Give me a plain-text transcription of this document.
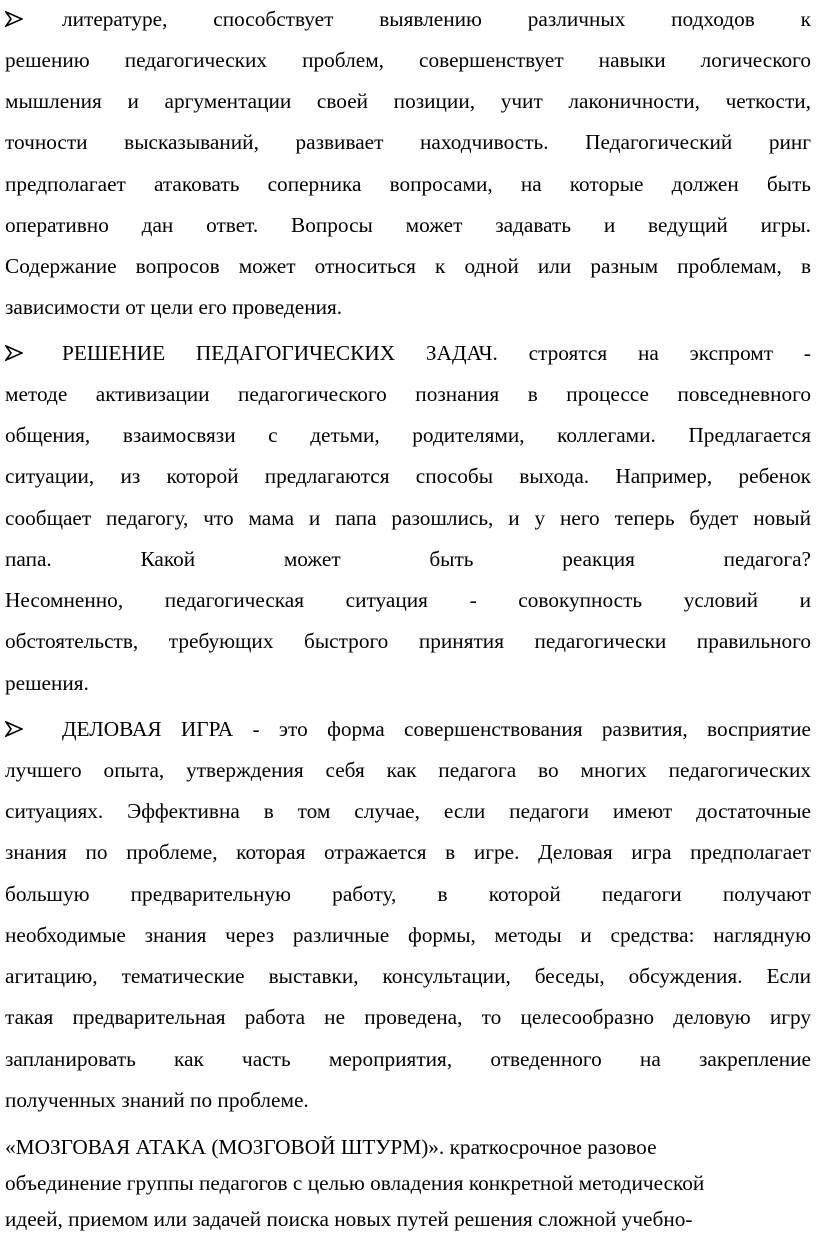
литературе, способствует выявлению различных подходов к
решению педагогических проблем, совершенствует навыки логического
мышления и аргументации своей позиции, учит лаконичности, четкости,
точности высказываний, развивает находчивость. Педагогический ринг
предполагает атаковать соперника вопросами, на которые должен быть
оперативно дан ответ. Вопросы может задавать и ведущий игры.
Содержание вопросов может относиться к одной или разным проблемам, в
зависимости от цели его проведения.
РЕШЕНИЕ ПЕДАГОГИЧЕСКИХ ЗАДАЧ. строятся на экспромт -
методе активизации педагогического познания в процессе повседневного
общения, взаимосвязи с детьми, родителями, коллегами. Предлагается
ситуации, из которой предлагаются способы выхода. Например, ребенок
сообщает педагогу, что мама и папа разошлись, и у него теперь будет новый
папа. Какой может быть реакция педагога?
Несомненно, педагогическая ситуация - совокупность условий и
обстоятельств, требующих быстрого принятия педагогически правильного
решения.
ДЕЛОВАЯ ИГРА - это форма совершенствования развития, восприятие
лучшего опыта, утверждения себя как педагога во многих педагогических
ситуациях. Эффективна в том случае, если педагоги имеют достаточные
знания по проблеме, которая отражается в игре. Деловая игра предполагает
большую предварительную работу, в которой педагоги получают
необходимые знания через различные формы, методы и средства: наглядную
агитацию, тематические выставки, консультации, беседы, обсуждения. Если
такая предварительная работа не проведена, то целесообразно деловую игру
запланировать как часть мероприятия, отведенного на закрепление
полученных знаний по проблеме.
«МОЗГОВАЯ АТАКА (МОЗГОВОЙ ШТУРМ)». краткосрочное разовое
объединение группы педагогов с целью овладения конкретной методической
идеей, приемом или задачей поиска новых путей решения сложной учебно-
